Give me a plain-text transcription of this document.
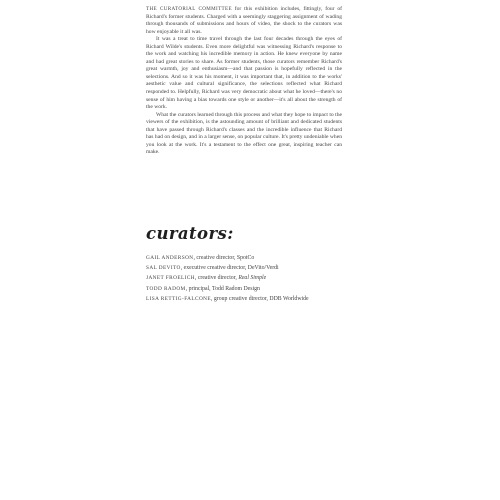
THE CURATORIAL COMMITTEE for this exhibition includes, fittingly, four of Richard's former students. Charged with a seemingly staggering assignment of wading through thousands of submissions and hours of video, the shock to the curators was how enjoyable it all was.

It was a treat to time travel through the last four decades through the eyes of Richard Wilde's students. Even more delightful was witnessing Richard's response to the work and watching his incredible memory in action. He knew everyone by name and had great stories to share. As former students, those curators remember Richard's great warmth, joy and enthusiasm—and that passion is hopefully reflected in the selections. And so it was his moment, it was important that, in addition to the works' aesthetic value and cultural significance, the selections reflected what Richard responded to. Helpfully, Richard was very democratic about what he loved—there's no sense of him having a bias towards one style or another—it's all about the strength of the work.

What the curators learned through this process and what they hope to impact to the viewers of the exhibition, is the astounding amount of brilliant and dedicated students that have passed through Richard's classes and the incredible influence that Richard has had on design, and in a larger sense, on popular culture. It's pretty undeniable when you look at the work. It's a testament to the effect one great, inspiring teacher can make.

curators:
GAIL ANDERSON, creative director, SpotCo
SAL DEVITO, executive creative director, DeVito/Verdi
JANET FROELICH, creative director, Real Simple
TODD RADOM, principal, Todd Radom Design
LISA RETTIG-FALCONE, group creative director, DDB Worldwide
